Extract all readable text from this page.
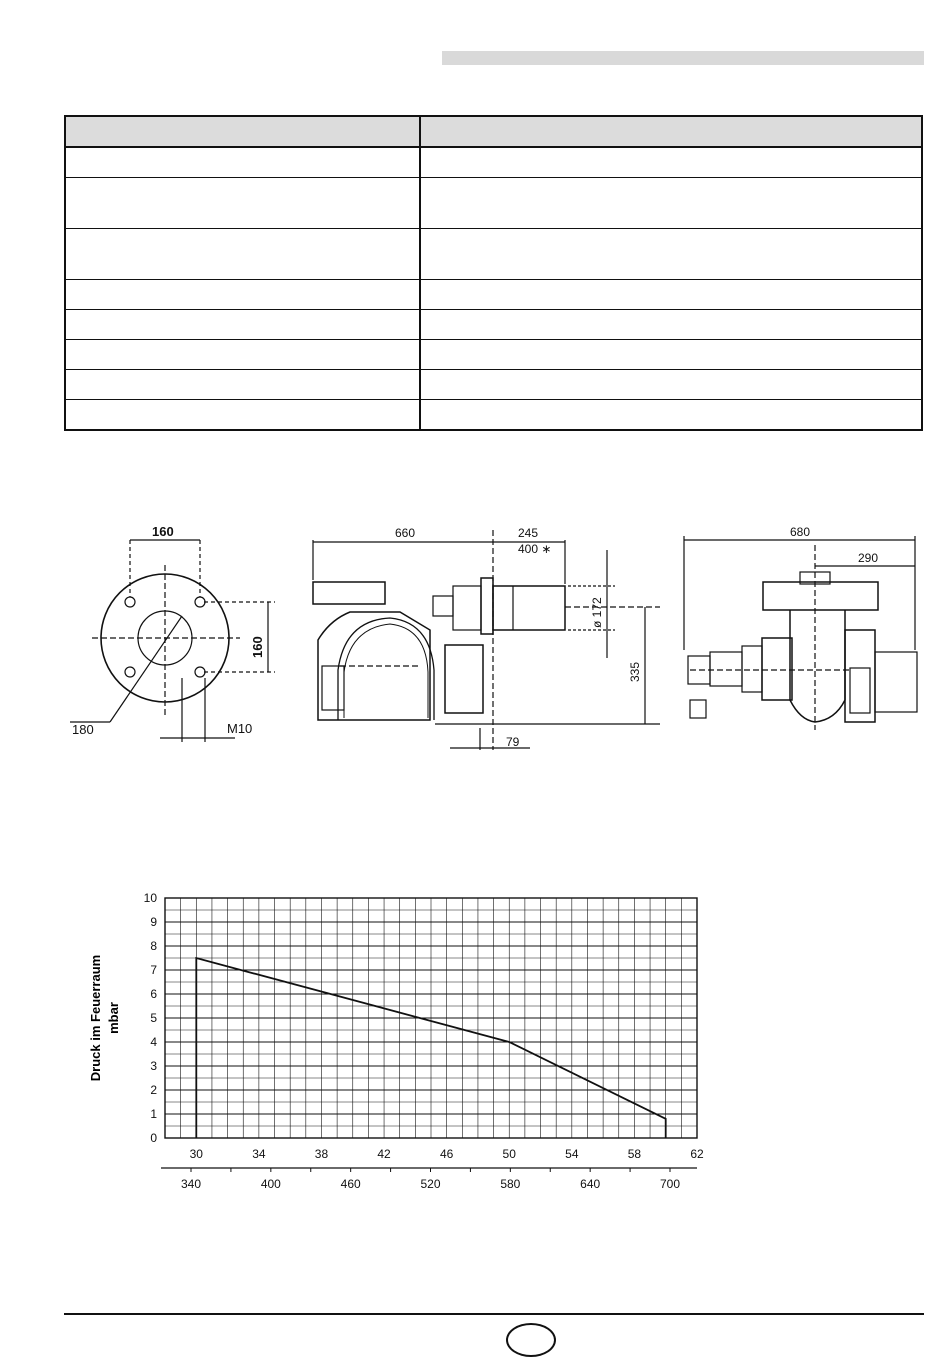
160
160
180	M10
660	245
400 ∗
ø 172
335
79
680
290
0
1
2
3
4
5
6
7
8
9
10
30	34	38	42	46	50	54	58	62
340	400	460	520	580	640	700
Druck im Feuerraum mbar
